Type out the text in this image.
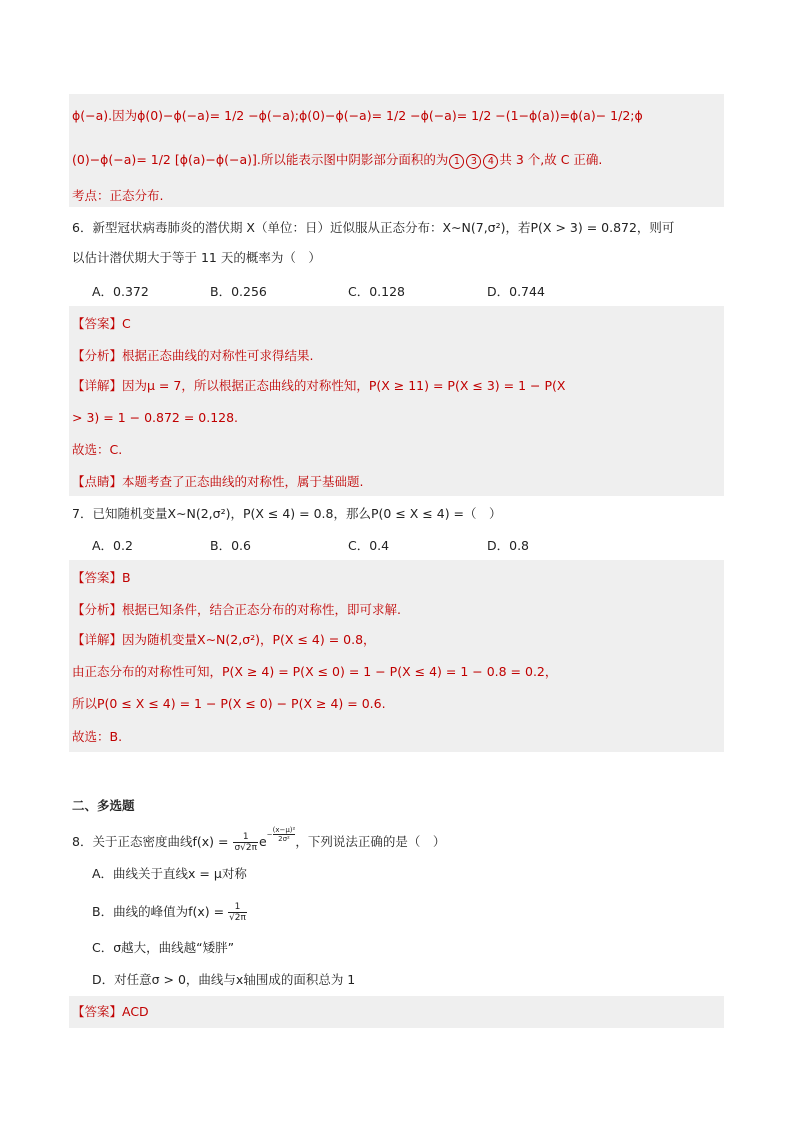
ϕ(−a).因为ϕ(0)−ϕ(−a)= 1/2 −ϕ(−a);ϕ(0)−ϕ(−a)= 1/2 −ϕ(−a)= 1/2 −(1−ϕ(a))=ϕ(a)− 1/2;ϕ
(0)−ϕ(−a)= 1/2 [ϕ(a)−ϕ(−a)].所以能表示图中阴影部分面积的为 1 3 4 共 3 个,故 C 正确.
考点：正态分布.
6．新型冠状病毒肺炎的潜伏期 X（单位：日）近似服从正态分布：X∼N(7,σ²)，若P(X > 3) = 0.872，则可
以估计潜伏期大于等于 11 天的概率为（　）
A．0.372	B．0.256	C．0.128	D．0.744
【答案】C
【分析】根据正态曲线的对称性可求得结果.
【详解】因为μ = 7，所以根据正态曲线的对称性知，P(X ≥ 11) = P(X ≤ 3) = 1 − P(X
> 3) = 1 − 0.872 = 0.128.
故选：C.
【点睛】本题考查了正态曲线的对称性，属于基础题.
7．已知随机变量X∼N(2,σ²)，P(X ≤ 4) = 0.8，那么P(0 ≤ X ≤ 4) =（　）
A．0.2	B．0.6	C．0.4	D．0.8
【答案】B
【分析】根据已知条件，结合正态分布的对称性，即可求解.
【详解】因为随机变量X∼N(2,σ²)，P(X ≤ 4) = 0.8，
由正态分布的对称性可知，P(X ≥ 4) = P(X ≤ 0) = 1 − P(X ≤ 4) = 1 − 0.8 = 0.2，
所以P(0 ≤ X ≤ 4) = 1 − P(X ≤ 0) − P(X ≥ 4) = 0.6.
故选：B.
二、多选题
8．关于正态密度曲线$f(x) = \frac{1}{\sigma√2\pi} e- \frac{\text{(x−μ)²}}{\text{2σ²}}$ ，下列说法正确的是（　）
A．曲线关于直线x = μ对称
B．曲线的峰值为$f(x) = \frac{1}{√2\pi}$
C．σ越大，曲线越“矮胖”
D．对任意σ > 0，曲线与x轴围成的面积总为 1
【答案】ACD
